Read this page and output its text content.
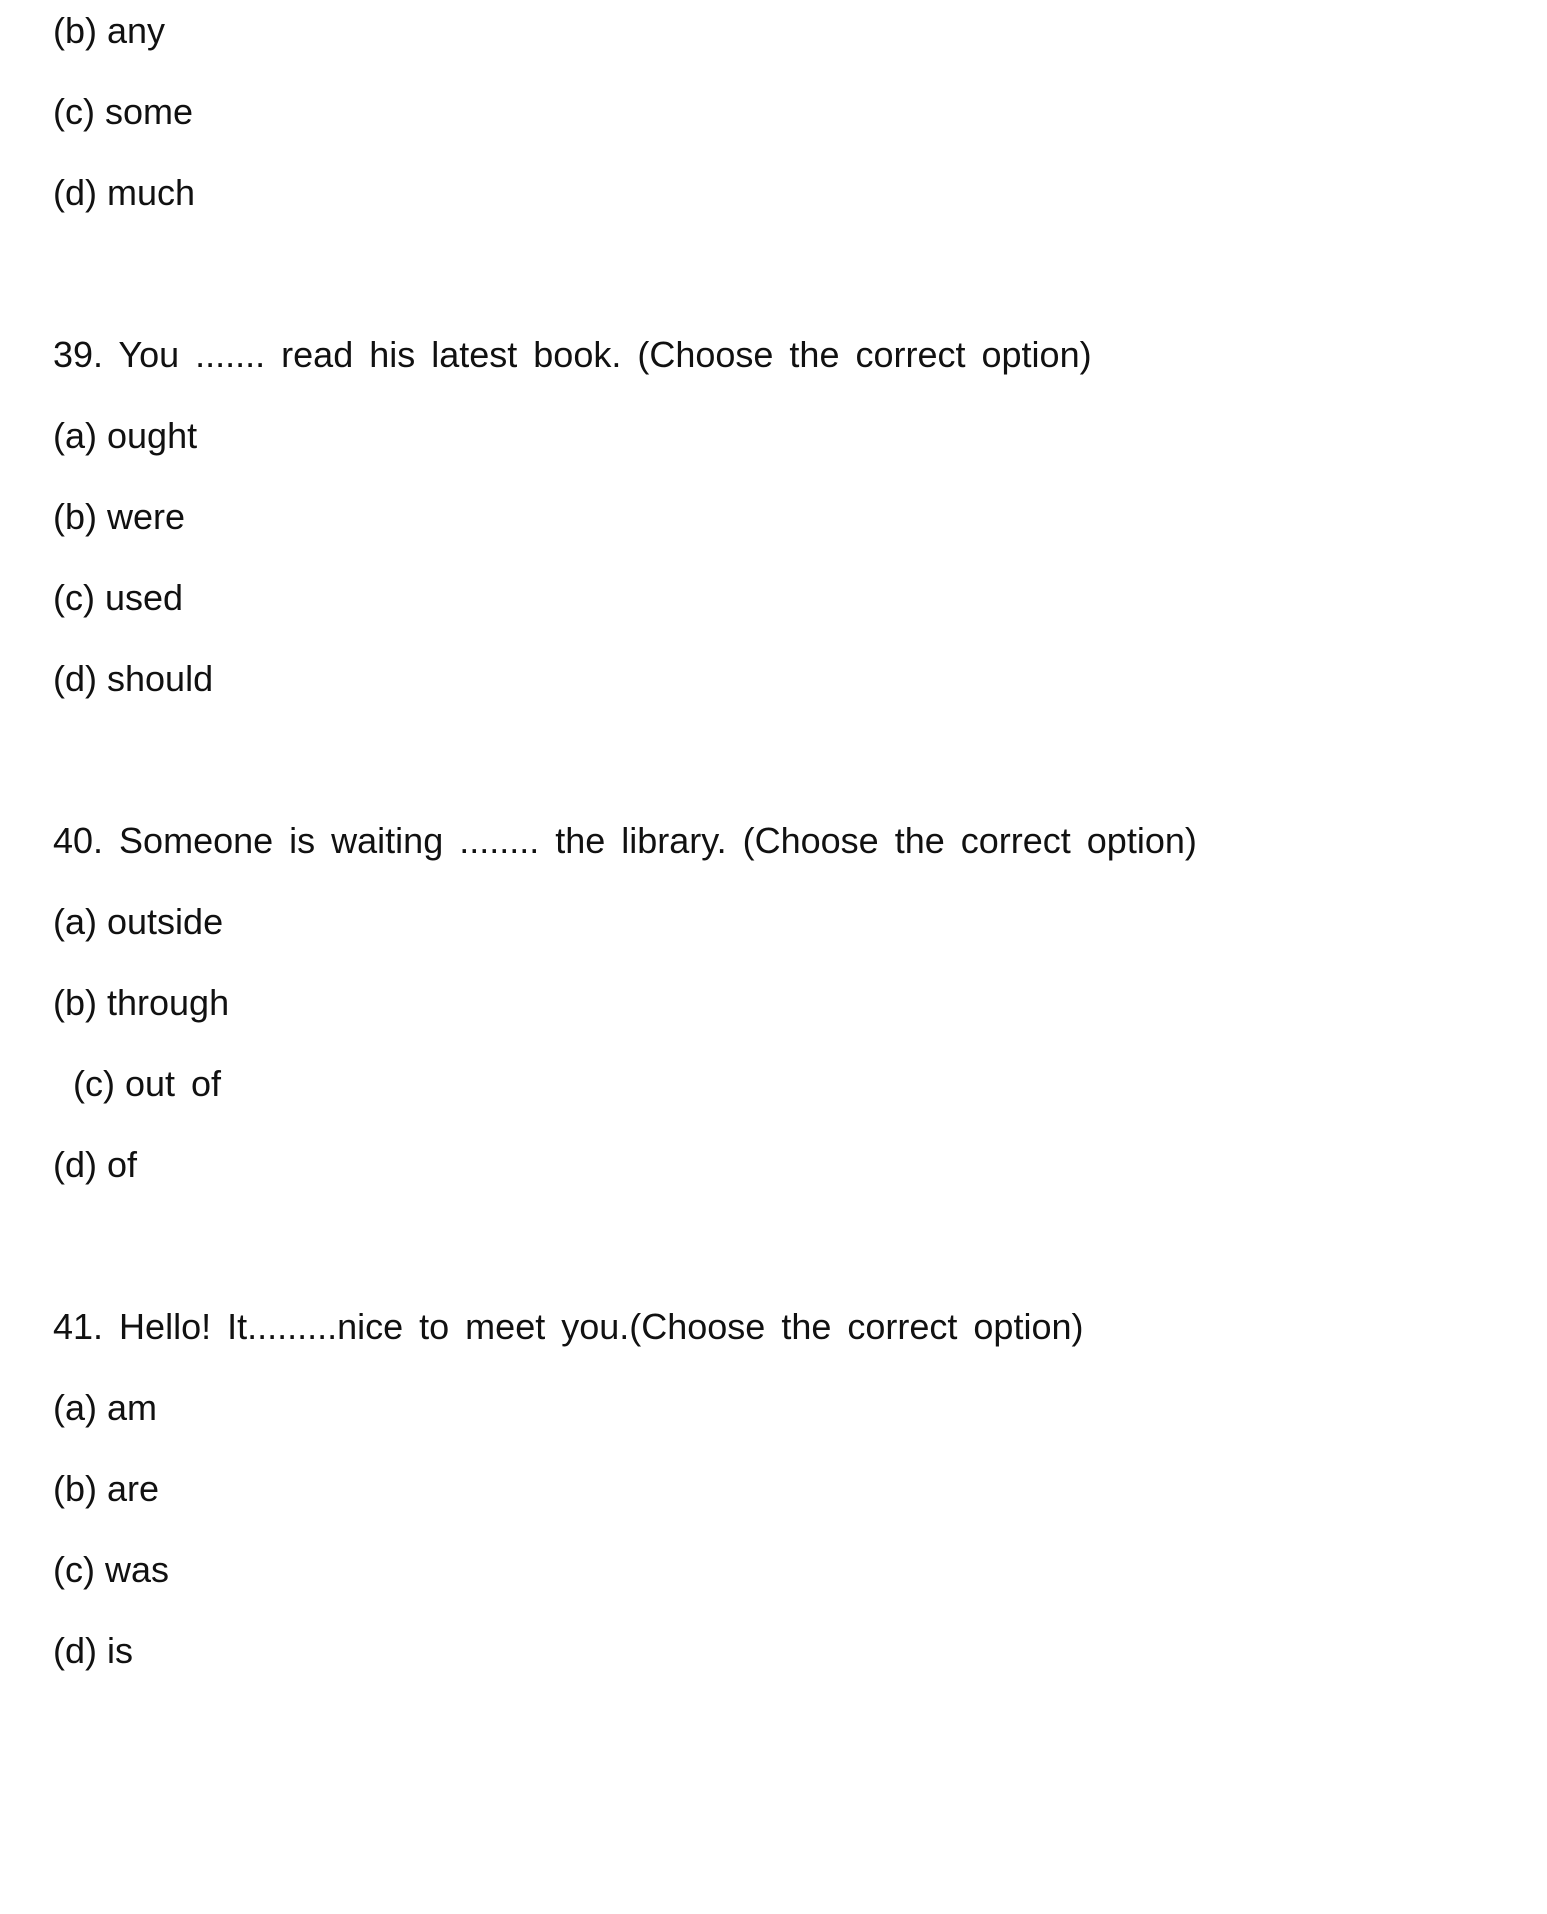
(b) any
(c) some
(d) much
39. You ....... read his latest book. (Choose the correct option)
(a) ought
(b) were
(c) used
(d) should
40. Someone is waiting ........ the library. (Choose the correct option)
(a) outside
(b) through
(c) out of
(d) of
41. Hello! It.........nice to meet you.(Choose the correct option)
(a) am
(b) are
(c) was
(d) is
